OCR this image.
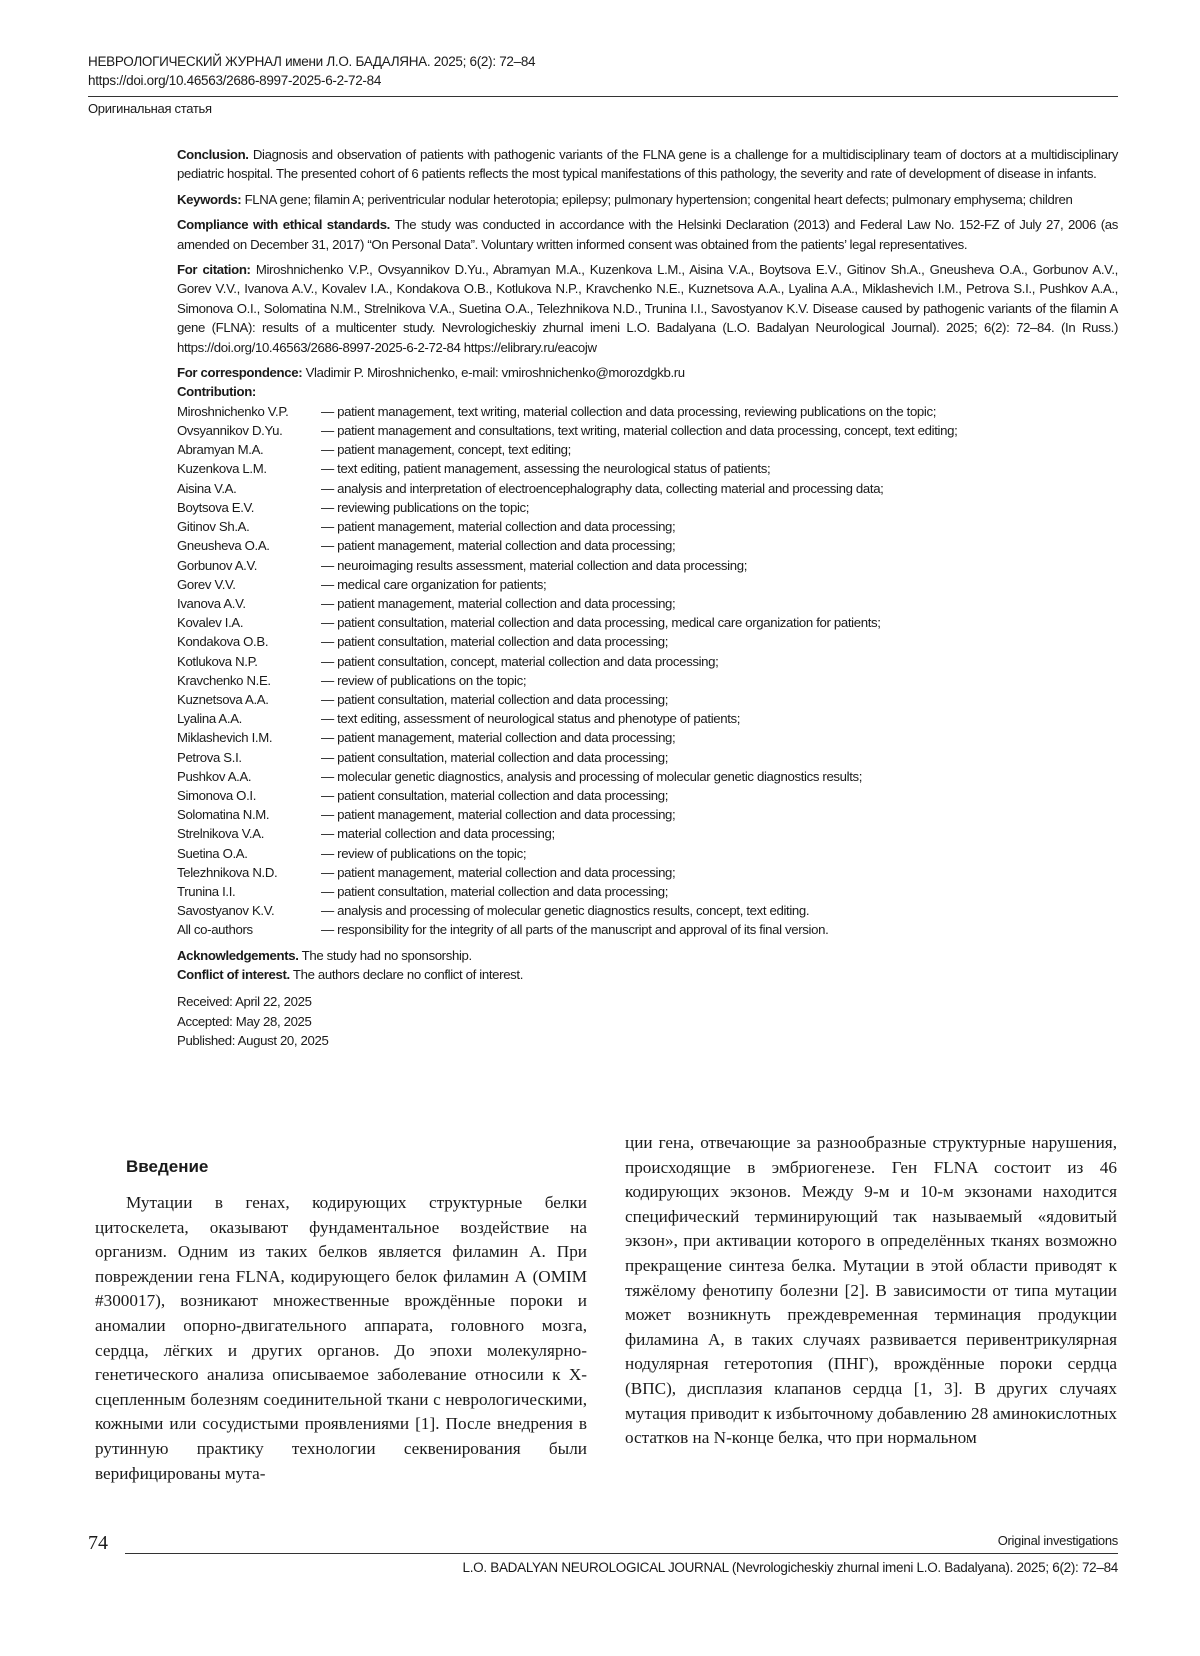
НЕВРОЛОГИЧЕСКИЙ ЖУРНАЛ имени Л.О. БАДАЛЯНА. 2025; 6(2): 72–84
https://doi.org/10.46563/2686-8997-2025-6-2-72-84
Оригинальная статья

Conclusion. Diagnosis and observation of patients with pathogenic variants of the FLNA gene is a challenge for a multidisciplinary team of doctors at a multidisciplinary pediatric hospital. The presented cohort of 6 patients reflects the most typical manifestations of this pathology, the severity and rate of development of disease in infants.

Keywords: FLNA gene; filamin A; periventricular nodular heterotopia; epilepsy; pulmonary hypertension; congenital heart defects; pulmonary emphysema; children

Compliance with ethical standards. The study was conducted in accordance with the Helsinki Declaration (2013) and Federal Law No. 152-FZ of July 27, 2006 (as amended on December 31, 2017) “On Personal Data”. Voluntary written informed consent was obtained from the patients’ legal representatives.

For citation: Miroshnichenko V.P., Ovsyannikov D.Yu., Abramyan M.A., Kuzenkova L.M., Aisina V.A., Boytsova E.V., Gitinov Sh.A., Gneusheva O.A., Gorbunov A.V., Gorev V.V., Ivanova A.V., Kovalev I.A., Kondakova O.B., Kotlukova N.P., Kravchenko N.E., Kuznetsova A.A., Lyalina A.A., Miklashevich I.M., Petrova S.I., Pushkov A.A., Simonova O.I., Solomatina N.M., Strelnikova V.A., Suetina O.A., Telezhnikova N.D., Trunina I.I., Savostyanov K.V. Disease caused by pathogenic variants of the filamin A gene (FLNA): results of a multicenter study. Nevrologicheskiy zhurnal imeni L.O. Badalyana (L.O. Badalyan Neurological Journal). 2025; 6(2): 72–84. (In Russ.) https://doi.org/10.46563/2686-8997-2025-6-2-72-84 https://elibrary.ru/eacojw

For correspondence: Vladimir P. Miroshnichenko, e-mail: vmiroshnichenko@morozdgkb.ru

Contribution:
Miroshnichenko V.P.	— patient management, text writing, material collection and data processing, reviewing publications on the topic;
Ovsyannikov D.Yu.	— patient management and consultations, text writing, material collection and data processing, concept, text editing;
Abramyan M.A.	— patient management, concept, text editing;
Kuzenkova L.M.	— text editing, patient management, assessing the neurological status of patients;
Aisina V.A.	— analysis and interpretation of electroencephalography data, collecting material and processing data;
Boytsova E.V.	— reviewing publications on the topic;
Gitinov Sh.A.	— patient management, material collection and data processing;
Gneusheva O.A.	— patient management, material collection and data processing;
Gorbunov A.V.	— neuroimaging results assessment, material collection and data processing;
Gorev V.V.	— medical care organization for patients;
Ivanova A.V.	— patient management, material collection and data processing;
Kovalev I.A.	— patient consultation, material collection and data processing, medical care organization for patients;
Kondakova O.B.	— patient consultation, material collection and data processing;
Kotlukova N.P.	— patient consultation, concept, material collection and data processing;
Kravchenko N.E.	— review of publications on the topic;
Kuznetsova A.A.	— patient consultation, material collection and data processing;
Lyalina A.A.	— text editing, assessment of neurological status and phenotype of patients;
Miklashevich I.M.	— patient management, material collection and data processing;
Petrova S.I.	— patient consultation, material collection and data processing;
Pushkov A.A.	— molecular genetic diagnostics, analysis and processing of molecular genetic diagnostics results;
Simonova O.I.	— patient consultation, material collection and data processing;
Solomatina N.M.	— patient management, material collection and data processing;
Strelnikova V.A.	— material collection and data processing;
Suetina O.A.	— review of publications on the topic;
Telezhnikova N.D.	— patient management, material collection and data processing;
Trunina I.I.	— patient consultation, material collection and data processing;
Savostyanov K.V.	— analysis and processing of molecular genetic diagnostics results, concept, text editing.
All co-authors	— responsibility for the integrity of all parts of the manuscript and approval of its final version.
Acknowledgements. The study had no sponsorship.
Conflict of interest. The authors declare no conflict of interest.
Received: April 22, 2025
Accepted: May 28, 2025
Published: August 20, 2025
Введение

Мутации в генах, кодирующих структурные белки цитоскелета, оказывают фундаментальное воздействие на организм. Одним из таких белков является филамин А. При повреждении гена FLNA, кодирующего белок филамин А (OMIM #300017), возникают множественные врождённые пороки и аномалии опорно-двигательного аппарата, головного мозга, сердца, лёгких и других органов. До эпохи молекулярно-генетического анализа описываемое заболевание относили к X-сцепленным болезням соединительной ткани с неврологическими, кожными или сосудистыми проявлениями [1]. После внедрения в рутинную практику технологии секвенирования были верифицированы мута-

ции гена, отвечающие за разнообразные структурные нарушения, происходящие в эмбриогенезе. Ген FLNA состоит из 46 кодирующих экзонов. Между 9-м и 10-м экзонами находится специфический терминирующий так называемый «ядовитый экзон», при активации которого в определённых тканях возможно прекращение синтеза белка. Мутации в этой области приводят к тяжёлому фенотипу болезни [2]. В зависимости от типа мутации может возникнуть преждевременная терминация продукции филамина А, в таких случаях развивается перивентрикулярная нодулярная гетеротопия (ПНГ), врождённые пороки сердца (ВПС), дисплазия клапанов сердца [1, 3]. В других случаях мутация приводит к избыточному добавлению 28 аминокислотных остатков на N-конце белка, что при нормальном

74	Original investigations
L.O. BADALYAN NEUROLOGICAL JOURNAL (Nevrologicheskiy zhurnal imeni L.O. Badalyana). 2025; 6(2): 72–84
